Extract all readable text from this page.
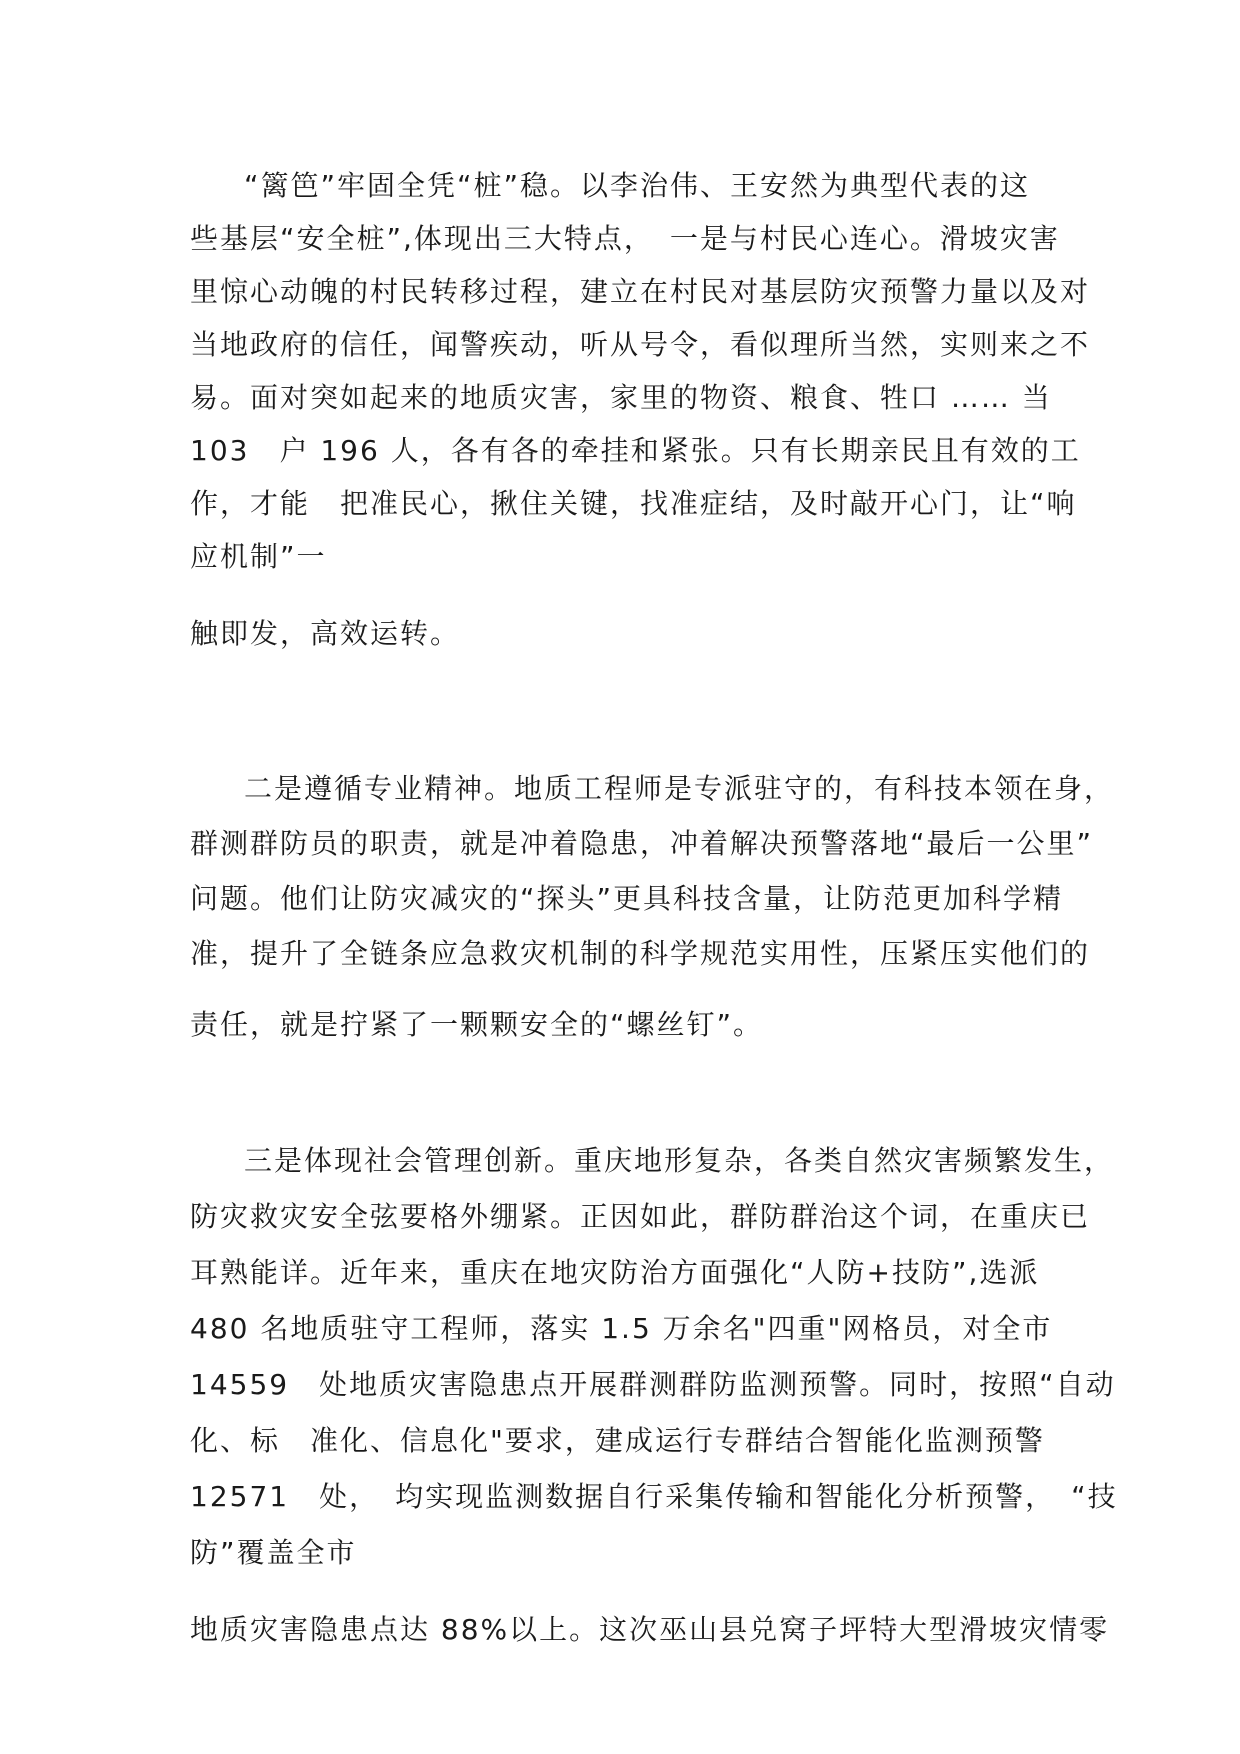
“篱笆”牢固全凭“桩”稳。以李治伟、王安然为典型代表的这
些基层“安全桩”,体现出三大特点，　一是与村民心连心。滑坡灾害
里惊心动魄的村民转移过程，建立在村民对基层防灾预警力量以及对
当地政府的信任，闻警疾动，听从号令，看似理所当然，实则来之不
易。面对突如起来的地质灾害，家里的物资、粮食、牲口 …… 当
103　户 196 人，各有各的牵挂和紧张。只有长期亲民且有效的工
作，才能　把准民心，揪住关键，找准症结，及时敲开心门，让“响
应机制”一
触即发，高效运转。
二是遵循专业精神。地质工程师是专派驻守的，有科技本领在身，
群测群防员的职责，就是冲着隐患，冲着解决预警落地“最后一公里”
问题。他们让防灾减灾的“探头”更具科技含量，让防范更加科学精
准，提升了全链条应急救灾机制的科学规范实用性，压紧压实他们的
责任，就是拧紧了一颗颗安全的“螺丝钉”。
三是体现社会管理创新。重庆地形复杂，各类自然灾害频繁发生，
防灾救灾安全弦要格外绷紧。正因如此，群防群治这个词，在重庆已
耳熟能详。近年来，重庆在地灾防治方面强化“人防+技防”,选派
480 名地质驻守工程师，落实 1.5 万余名"四重"网格员，对全市
14559　处地质灾害隐患点开展群测群防监测预警。同时，按照“自动
化、标　准化、信息化"要求，建成运行专群结合智能化监测预警
12571　处，　均实现监测数据自行采集传输和智能化分析预警，　“技
防”覆盖全市
地质灾害隐患点达 88%以上。这次巫山县兑窝子坪特大型滑坡灾情零
